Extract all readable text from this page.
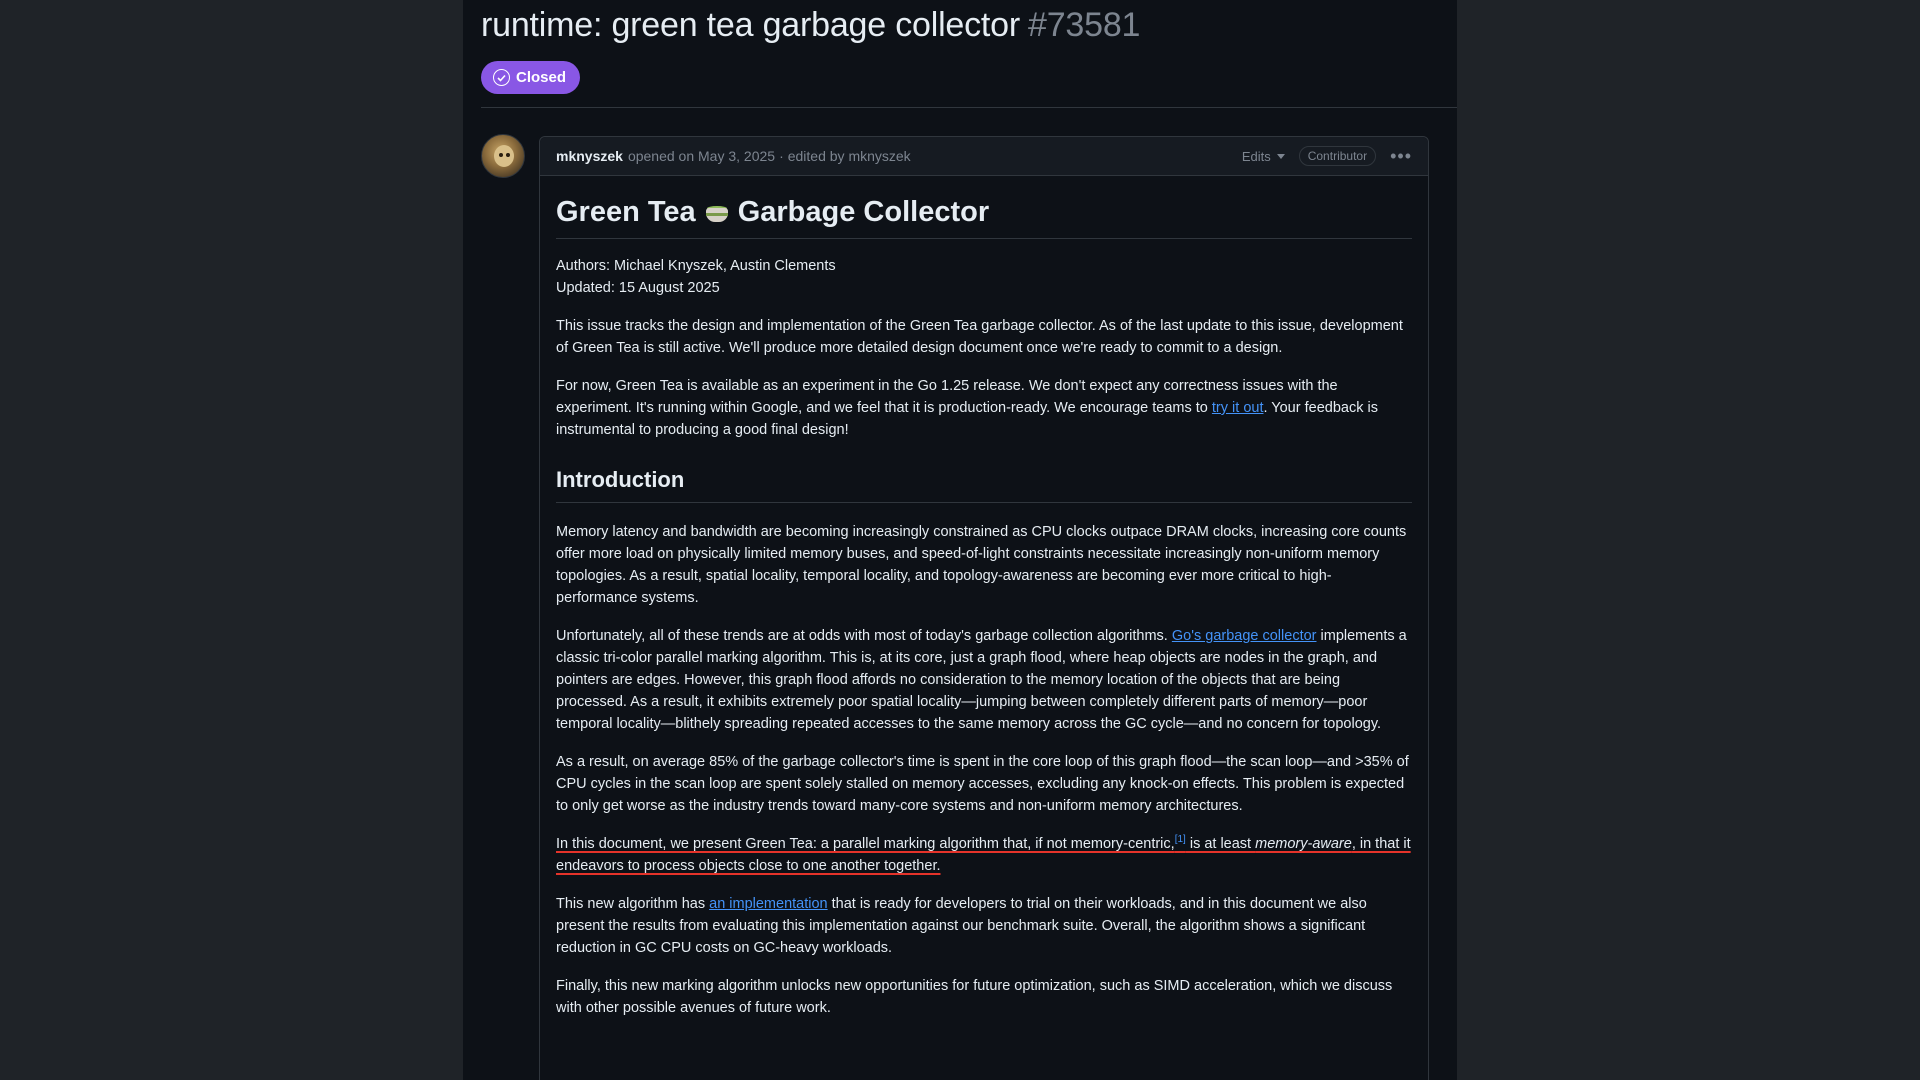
runtime: green tea garbage collector #73581
Closed
mknyszek opened on May 3, 2025 · edited by mknyszek	Edits	Contributor	•••
Green Tea Garbage Collector

Authors: Michael Knyszek, Austin Clements

Updated: 15 August 2025

This issue tracks the design and implementation of the Green Tea garbage collector. As of the last update to this issue, development of Green Tea is still active. We'll produce more detailed design document once we're ready to commit to a design.

For now, Green Tea is available as an experiment in the Go 1.25 release. We don't expect any correctness issues with the experiment. It's running within Google, and we feel that it is production-ready. We encourage teams to try it out. Your feedback is instrumental to producing a good final design!

Introduction

Memory latency and bandwidth are becoming increasingly constrained as CPU clocks outpace DRAM clocks, increasing core counts offer more load on physically limited memory buses, and speed-of-light constraints necessitate increasingly non-uniform memory topologies. As a result, spatial locality, temporal locality, and topology-awareness are becoming ever more critical to high-performance systems.

Unfortunately, all of these trends are at odds with most of today's garbage collection algorithms. Go's garbage collector implements a classic tri-color parallel marking algorithm. This is, at its core, just a graph flood, where heap objects are nodes in the graph, and pointers are edges. However, this graph flood affords no consideration to the memory location of the objects that are being processed. As a result, it exhibits extremely poor spatial locality—jumping between completely different parts of memory—poor temporal locality—blithely spreading repeated accesses to the same memory across the GC cycle—and no concern for topology.

As a result, on average 85% of the garbage collector's time is spent in the core loop of this graph flood—the scan loop—and >35% of CPU cycles in the scan loop are spent solely stalled on memory accesses, excluding any knock-on effects. This problem is expected to only get worse as the industry trends toward many-core systems and non-uniform memory architectures.

In this document, we present Green Tea: a parallel marking algorithm that, if not memory-centric,[1] is at least memory-aware, in that it endeavors to process objects close to one another together.

This new algorithm has an implementation that is ready for developers to trial on their workloads, and in this document we also present the results from evaluating this implementation against our benchmark suite. Overall, the algorithm shows a significant reduction in GC CPU costs on GC-heavy workloads.

Finally, this new marking algorithm unlocks new opportunities for future optimization, such as SIMD acceleration, which we discuss with other possible avenues of future work.
